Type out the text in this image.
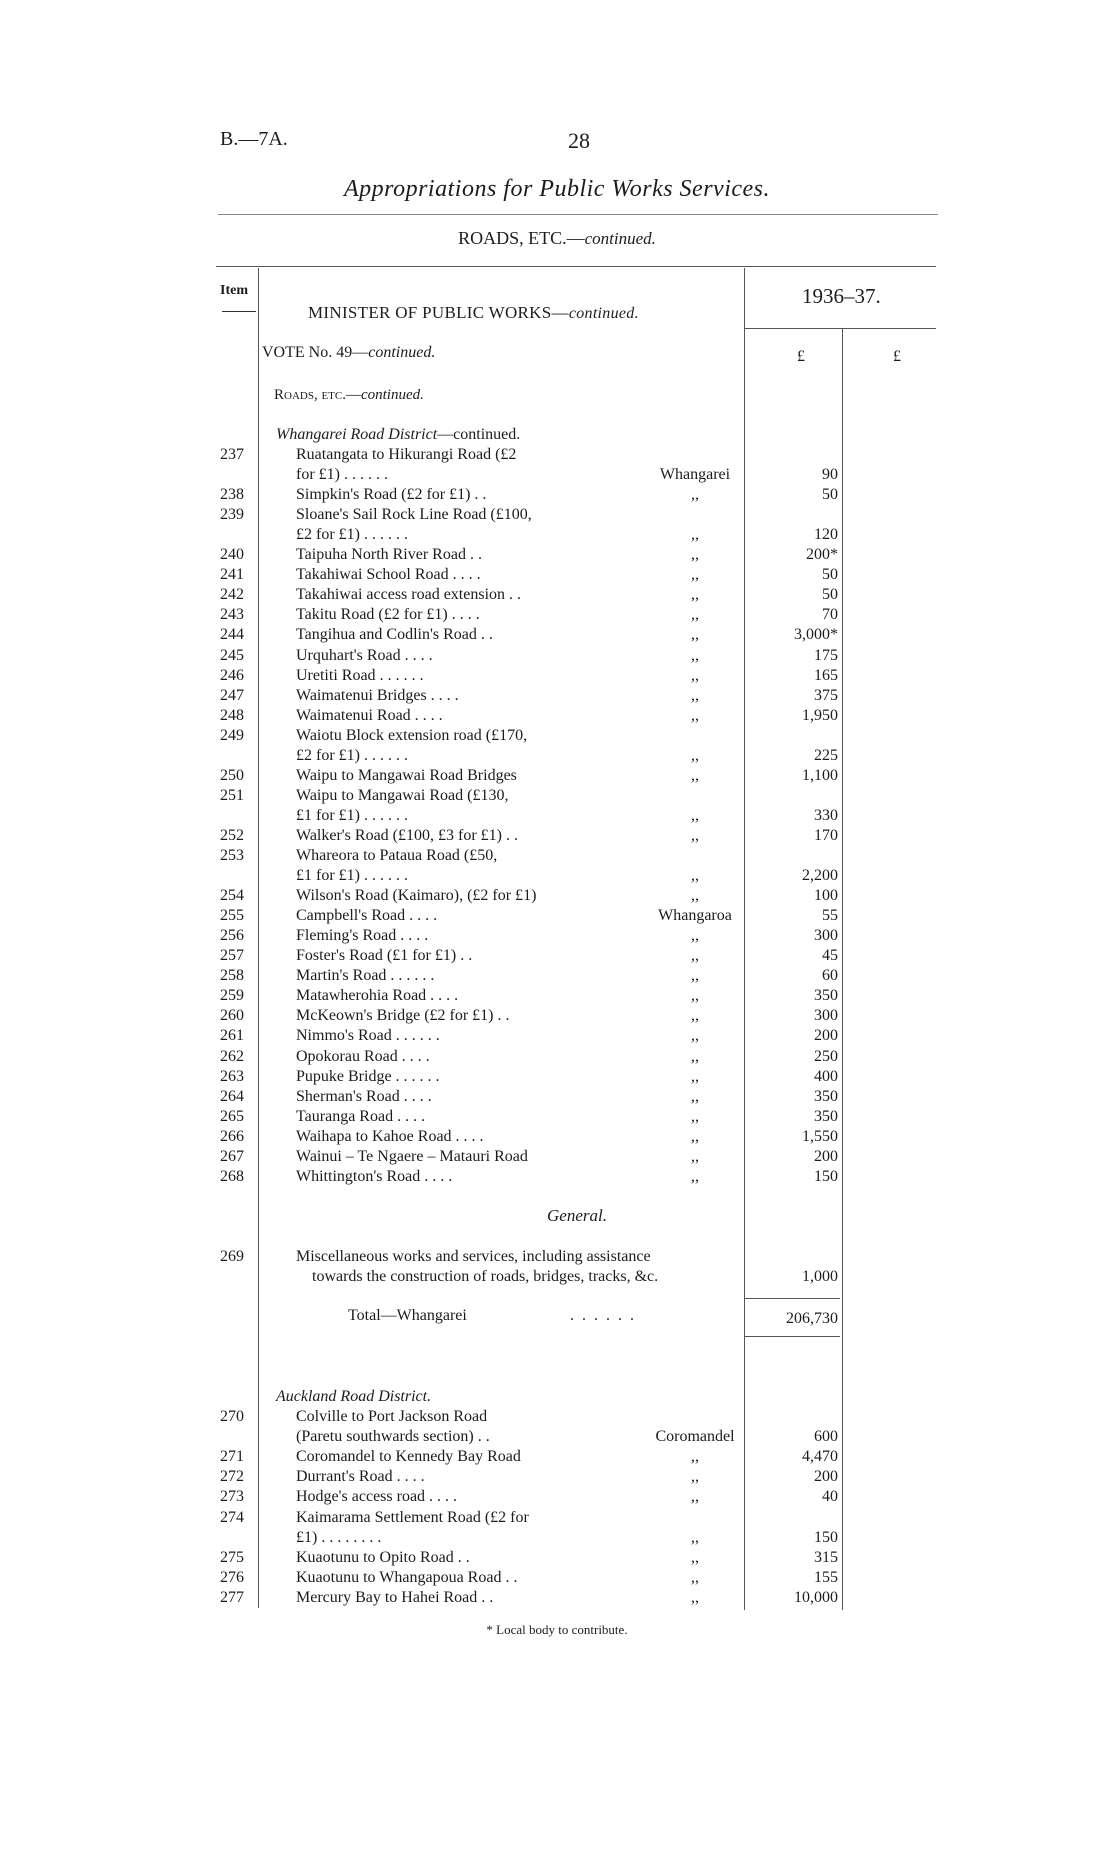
B.—7A.	28
Appropriations for Public Works Services.
ROADS, ETC.—continued.
Item
MINISTER OF PUBLIC WORKS—continued.
1936–37.
VOTE No. 49—continued.	£	£
Roads, etc.—continued.
Whangarei Road District—continued.
237	Ruatangata to Hikurangi Road (£2
for £1) . . . . . .	Whangarei	90
238	Simpkin's Road (£2 for £1) . .	,,	50
239	Sloane's Sail Rock Line Road (£100,
£2 for £1) . . . . . .	,,	120
240	Taipuha North River Road . .	,,	200*
241	Takahiwai School Road . . . .	,,	50
242	Takahiwai access road extension . .	,,	50
243	Takitu Road (£2 for £1) . . . .	,,	70
244	Tangihua and Codlin's Road . .	,,	3,000*
245	Urquhart's Road . . . .	,,	175
246	Uretiti Road . . . . . .	,,	165
247	Waimatenui Bridges . . . .	,,	375
248	Waimatenui Road . . . .	,,	1,950
249	Waiotu Block extension road (£170,
£2 for £1) . . . . . .	,,	225
250	Waipu to Mangawai Road Bridges	,,	1,100
251	Waipu to Mangawai Road (£130,
£1 for £1) . . . . . .	,,	330
252	Walker's Road (£100, £3 for £1) . .	,,	170
253	Whareora to Pataua Road (£50,
£1 for £1) . . . . . .	,,	2,200
254	Wilson's Road (Kaimaro), (£2 for £1)	,,	100
255	Campbell's Road . . . .	Whangaroa	55
256	Fleming's Road . . . .	,,	300
257	Foster's Road (£1 for £1) . .	,,	45
258	Martin's Road . . . . . .	,,	60
259	Matawherohia Road . . . .	,,	350
260	McKeown's Bridge (£2 for £1) . .	,,	300
261	Nimmo's Road . . . . . .	,,	200
262	Opokorau Road . . . .	,,	250
263	Pupuke Bridge . . . . . .	,,	400
264	Sherman's Road . . . .	,,	350
265	Tauranga Road . . . .	,,	350
266	Waihapa to Kahoe Road . . . .	,,	1,550
267	Wainui – Te Ngaere – Matauri Road	,,	200
268	Whittington's Road . . . .	,,	150
General.
269	Miscellaneous works and services, including assistance
towards the construction of roads, bridges, tracks, &c.	1,000
Total—Whangarei	. . . . . .	206,730
Auckland Road District.
270	Colville to Port Jackson Road
(Paretu southwards section) . .	Coromandel	600
271	Coromandel to Kennedy Bay Road	,,	4,470
272	Durrant's Road . . . .	,,	200
273	Hodge's access road . . . .	,,	40
274	Kaimarama Settlement Road (£2 for
£1) . . . . . . . .	,,	150
275	Kuaotunu to Opito Road . .	,,	315
276	Kuaotunu to Whangapoua Road . .	,,	155
277	Mercury Bay to Hahei Road . .	,,	10,000
* Local body to contribute.
